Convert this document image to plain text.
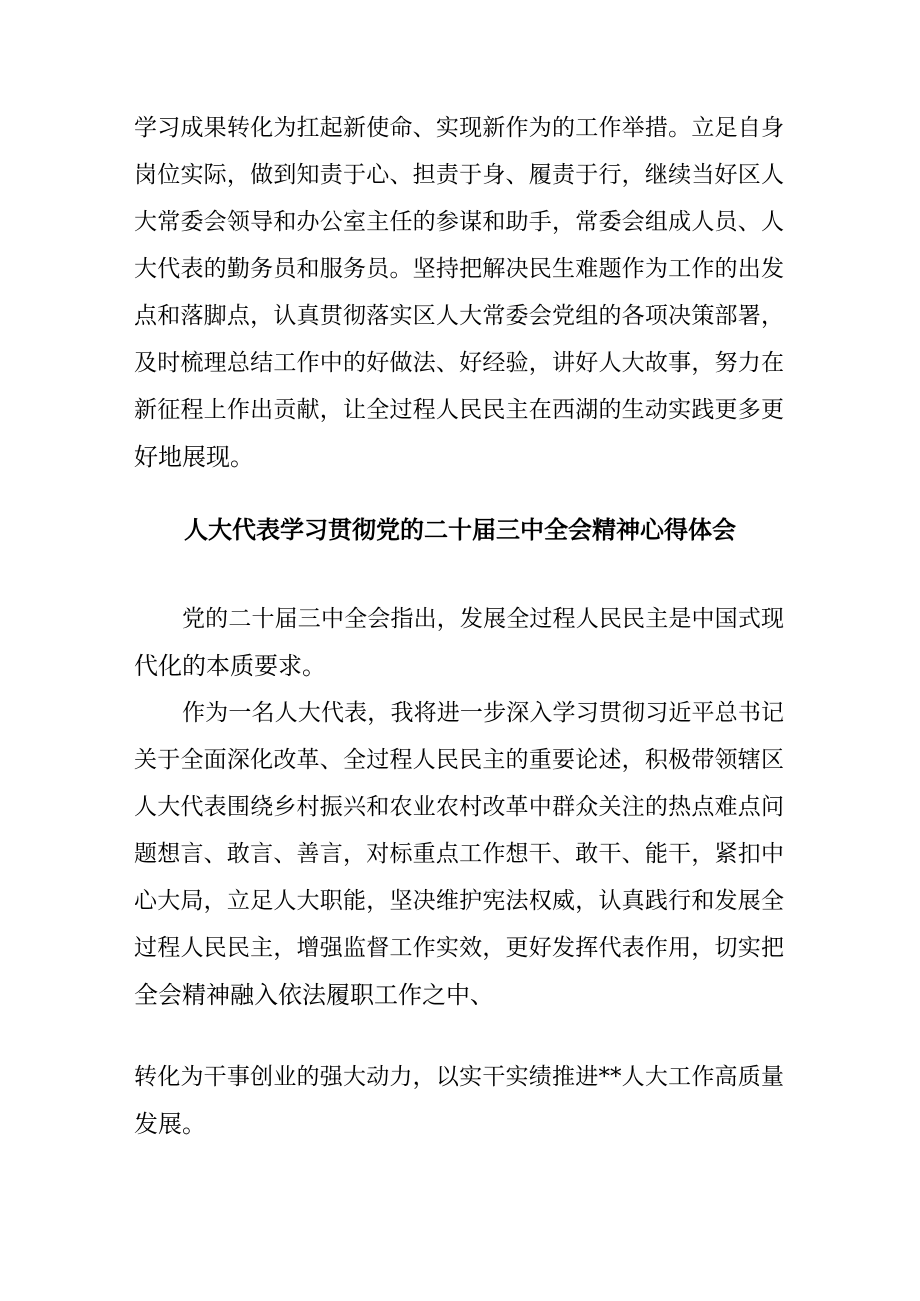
学习成果转化为扛起新使命、实现新作为的工作举措。立足自身
岗位实际，做到知责于心、担责于身、履责于行，继续当好区人
大常委会领导和办公室主任的参谋和助手，常委会组成人员、人
大代表的勤务员和服务员。坚持把解决民生难题作为工作的出发
点和落脚点，认真贯彻落实区人大常委会党组的各项决策部署，
及时梳理总结工作中的好做法、好经验，讲好人大故事，努力在
新征程上作出贡献，让全过程人民民主在西湖的生动实践更多更
好地展现。
人大代表学习贯彻党的二十届三中全会精神心得体会
党的二十届三中全会指出，发展全过程人民民主是中国式现
代化的本质要求。
作为一名人大代表，我将进一步深入学习贯彻习近平总书记
关于全面深化改革、全过程人民民主的重要论述，积极带领辖区
人大代表围绕乡村振兴和农业农村改革中群众关注的热点难点问
题想言、敢言、善言，对标重点工作想干、敢干、能干，紧扣中
心大局，立足人大职能，坚决维护宪法权威，认真践行和发展全
过程人民民主，增强监督工作实效，更好发挥代表作用，切实把
全会精神融入依法履职工作之中、
转化为干事创业的强大动力，以实干实绩推进**人大工作高质量
发展。
